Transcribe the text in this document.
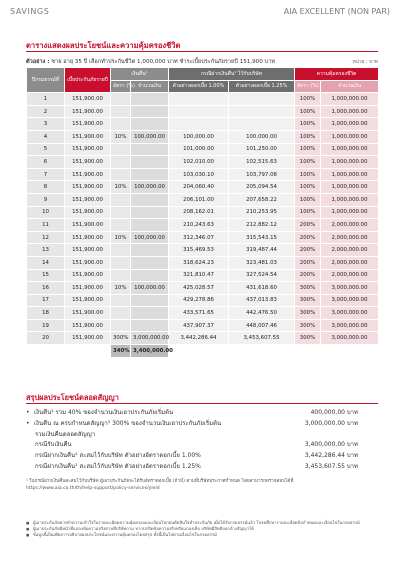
SAVINGS	AIA EXCELLENT (NON PAR)
ตารางแสดงผลประโยชน์และความคุ้มครองชีวิต
ตัวอย่าง : ชาย อายุ 35 ปี เลือกทำประกันชีวิต 1,000,000 บาท ชำระเบี้ยประกันภัยรายปี 151,900 บาท	หน่วย : บาท
ปีกรมธรรม์ที่	เบี้ยประกันภัยรายปี	เงินคืน¹		กรณีฝากเงินคืน¹ ไว้กับบริษัท		ความคุ้มครองชีวิต	
		อัตรา (%)	จำนวนเงิน	ตัวอย่างดอกเบี้ย 1.00%	ตัวอย่างดอกเบี้ย 1.25%	อัตรา (%)	จำนวนเงิน
1	151,900.00					100%	1,000,000.00
2	151,900.00					100%	1,000,000.00
3	151,900.00					100%	1,000,000.00
4	151,900.00	10%	100,000.00	100,000.00	100,000.00	100%	1,000,000.00
5	151,900.00			101,000.00	101,250.00	100%	1,000,000.00
6	151,900.00			102,010.00	102,515.63	100%	1,000,000.00
7	151,900.00			103,030.10	103,797.08	100%	1,000,000.00
8	151,900.00	10%	100,000.00	204,060.40	205,094.54	100%	1,000,000.00
9	151,900.00			206,101.00	207,658.22	100%	1,000,000.00
10	151,900.00			208,162.01	210,253.95	100%	1,000,000.00
11	151,900.00			210,243.63	212,882.12	200%	2,000,000.00
12	151,900.00	10%	100,000.00	312,346.07	315,543.15	200%	2,000,000.00
13	151,900.00			315,469.53	319,487.44	200%	2,000,000.00
14	151,900.00			318,624.23	323,481.03	200%	2,000,000.00
15	151,900.00			321,810.47	327,524.54	200%	2,000,000.00
16	151,900.00	10%	100,000.00	425,028.57	431,618.60	300%	3,000,000.00
17	151,900.00			429,278.86	437,013.83	300%	3,000,000.00
18	151,900.00			433,571.65	442,476.50	300%	3,000,000.00
19	151,900.00			437,907.37	448,007.46	300%	3,000,000.00
20	151,900.00	300%	3,000,000.00	3,442,286.44	3,453,607.55	300%	3,000,000.00
		340%	3,400,000.00				
สรุปผลประโยชน์ตลอดสัญญา
• เงินคืน¹ รวม 40% ของจำนวนเงินเอาประกันภัยเริ่มต้น	400,000.00 บาท
• เงินคืน ณ ครบกำหนดสัญญา¹ 300% ของจำนวนเงินเอาประกันภัยเริ่มต้น	3,000,000.00 บาท
รวมเงินคืนตลอดสัญญา
กรณีรับเงินคืน	3,400,000.00 บาท
กรณีฝากเงินคืน¹ สะสมไว้กับบริษัท ตัวอย่างอัตราดอกเบี้ย 1.00%	3,442,286.44 บาท
กรณีฝากเงินคืน¹ สะสมไว้กับบริษัท ตัวอย่างอัตราดอกเบี้ย 1.25%	3,453,607.55 บาท
¹ ในกรณีฝากเงินคืนสะสมไว้กับบริษัท ผู้เอาประกันภัยจะได้รับอัตราดอกเบี้ย (ถ้ามี) ตามที่บริษัทประกาศกำหนด โดยสามารถตรวจสอบได้ที่
https://www.aia.co.th/th/help-support/policy-services/yield
■ ผู้เอาประกันภัยควรทำความเข้าใจในรายละเอียดความคุ้มครองและเงื่อนไขก่อนตัดสินใจทำประกันภัย เมื่อได้รับกรมธรรม์แล้ว โปรดศึกษารายละเอียดข้อกำหนดและเงื่อนไขในกรมธรรม์
■ ผู้เอาประกันภัยมีหน้าที่แถลงข้อความจริงตามที่บริษัทถาม หากปกปิดข้อความจริงหรือแถลงเท็จ บริษัทมีสิทธิบอกล้างสัญญาได้
■ ข้อมูลนี้เป็นเพียงการอธิบายผลประโยชน์และความคุ้มครองโดยสรุป ทั้งนี้เป็นไปตามเงื่อนไขในกรมธรรม์
